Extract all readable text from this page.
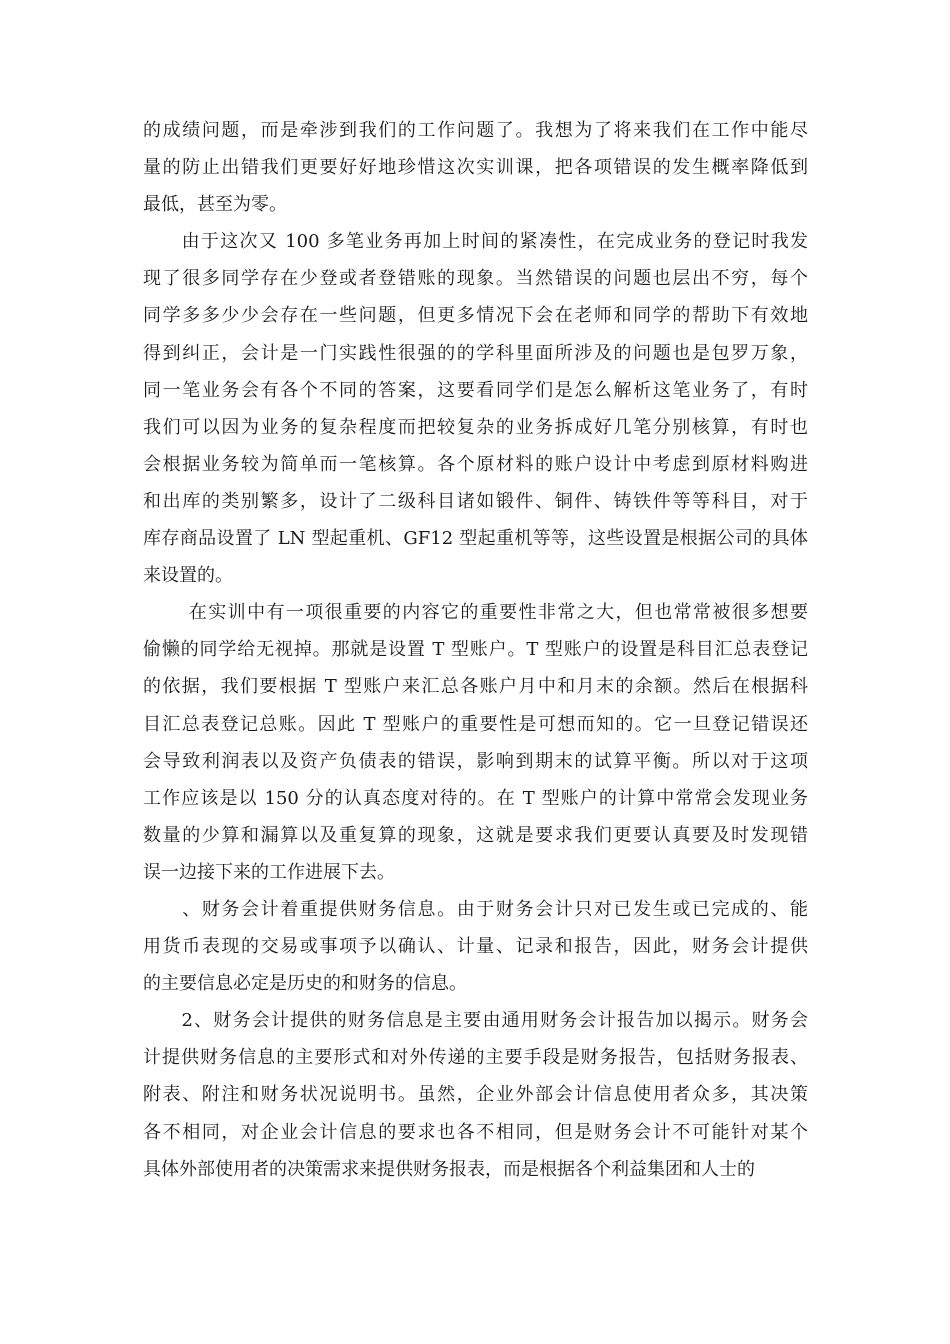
的成绩问题，而是牵涉到我们的工作问题了。我想为了将来我们在工作中能尽
量的防止出错我们更要好好地珍惜这次实训课，把各项错误的发生概率降低到
最低，甚至为零。
　　由于这次又 100 多笔业务再加上时间的紧凑性，在完成业务的登记时我发
现了很多同学存在少登或者登错账的现象。当然错误的问题也层出不穷，每个
同学多多少少会存在一些问题，但更多情况下会在老师和同学的帮助下有效地
得到纠正，会计是一门实践性很强的的学科里面所涉及的问题也是包罗万象，
同一笔业务会有各个不同的答案，这要看同学们是怎么解析这笔业务了，有时
我们可以因为业务的复杂程度而把较复杂的业务拆成好几笔分别核算，有时也
会根据业务较为简单而一笔核算。各个原材料的账户设计中考虑到原材料购进
和出库的类别繁多，设计了二级科目诸如锻件、铜件、铸铁件等等科目，对于
库存商品设置了 LN 型起重机、GF12 型起重机等等，这些设置是根据公司的具体
来设置的。
　　 在实训中有一项很重要的内容它的重要性非常之大，但也常常被很多想要
偷懒的同学给无视掉。那就是设置 T 型账户。T 型账户的设置是科目汇总表登记
的依据，我们要根据 T 型账户来汇总各账户月中和月末的余额。然后在根据科
目汇总表登记总账。因此 T 型账户的重要性是可想而知的。它一旦登记错误还
会导致利润表以及资产负债表的错误，影响到期末的试算平衡。所以对于这项
工作应该是以 150 分的认真态度对待的。在 T 型账户的计算中常常会发现业务
数量的少算和漏算以及重复算的现象，这就是要求我们更要认真要及时发现错
误一边接下来的工作进展下去。
　　、财务会计着重提供财务信息。由于财务会计只对已发生或已完成的、能
用货币表现的交易或事项予以确认、计量、记录和报告，因此，财务会计提供
的主要信息必定是历史的和财务的信息。
　　2、财务会计提供的财务信息是主要由通用财务会计报告加以揭示。财务会
计提供财务信息的主要形式和对外传递的主要手段是财务报告，包括财务报表、
附表、附注和财务状况说明书。虽然，企业外部会计信息使用者众多，其决策
各不相同，对企业会计信息的要求也各不相同，但是财务会计不可能针对某个
具体外部使用者的决策需求来提供财务报表，而是根据各个利益集团和人士的
